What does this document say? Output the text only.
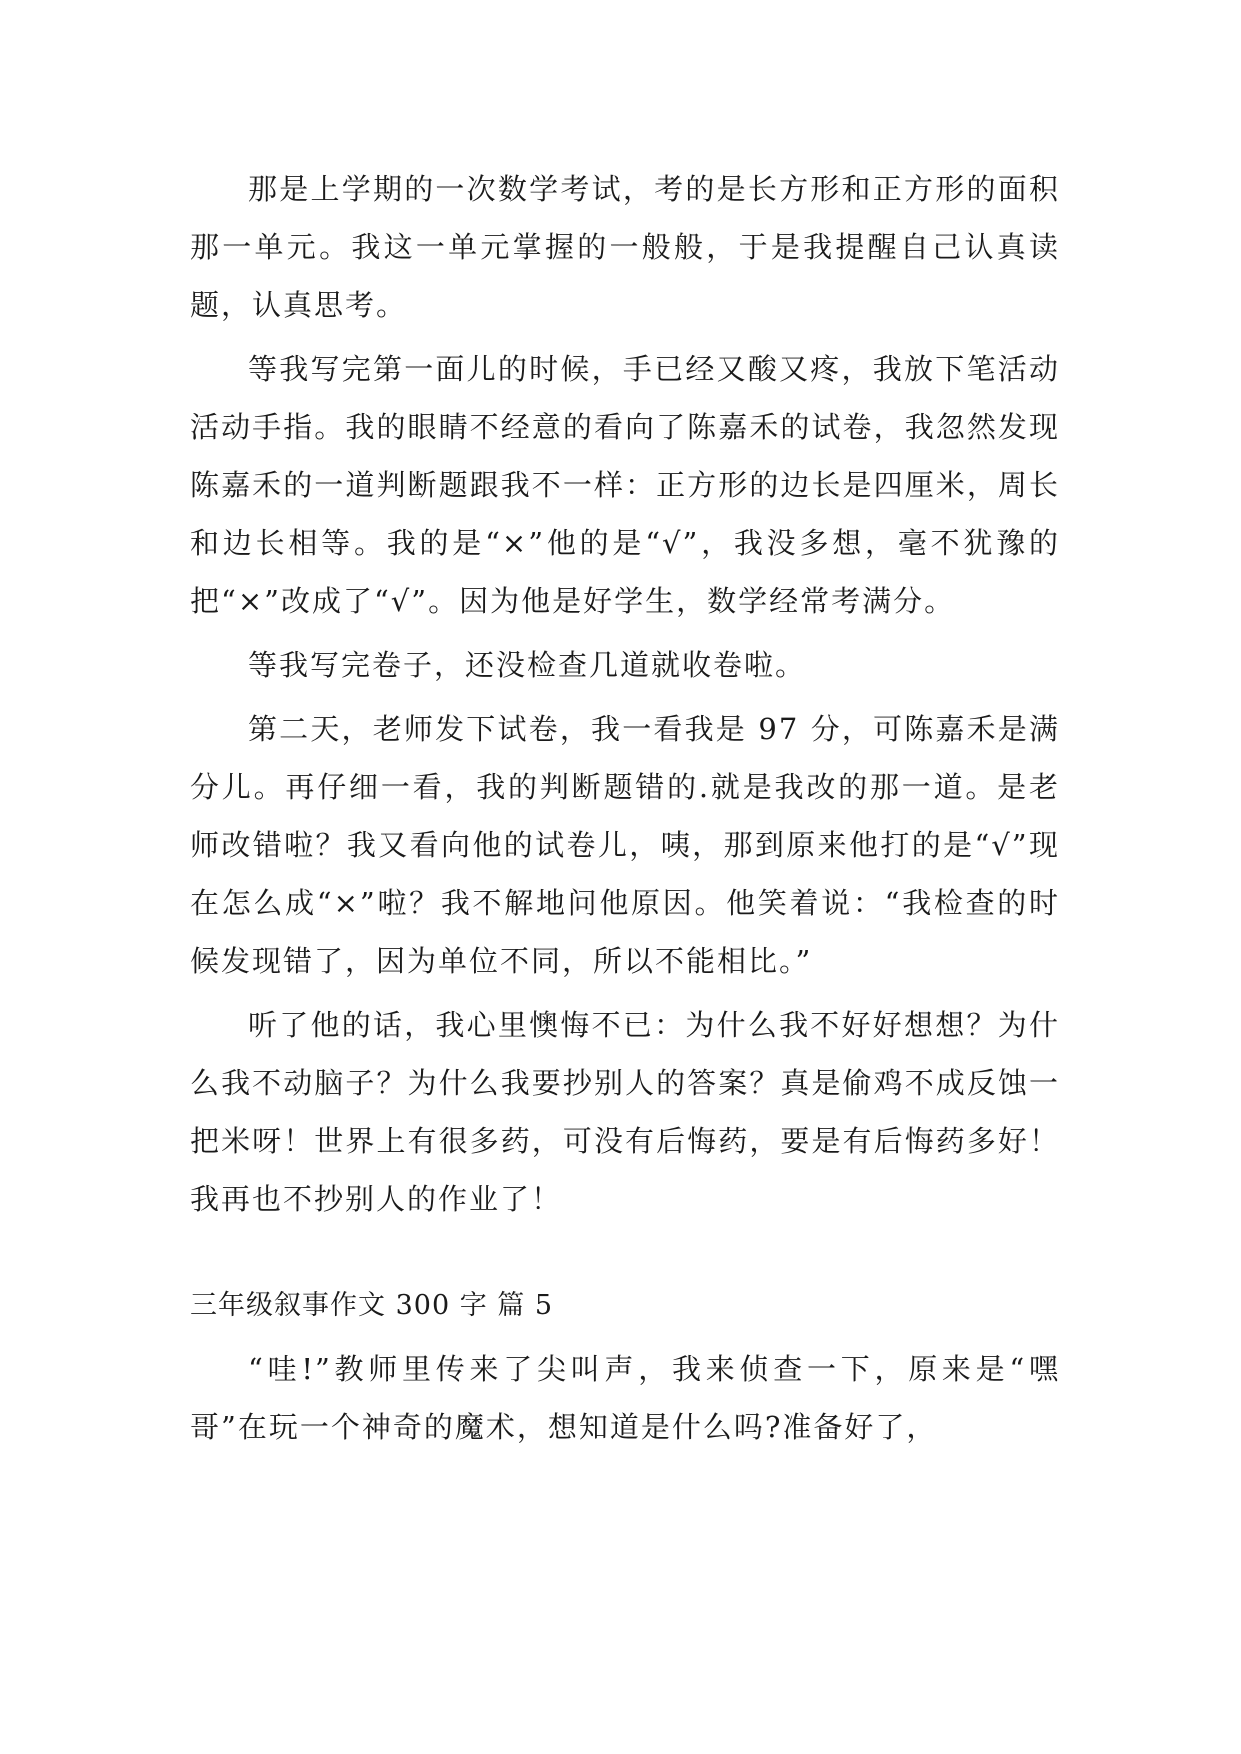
那是上学期的一次数学考试，考的是长方形和正方形的面积那一单元。我这一单元掌握的一般般，于是我提醒自己认真读题，认真思考。

等我写完第一面儿的时候，手已经又酸又疼，我放下笔活动活动手指。我的眼睛不经意的看向了陈嘉禾的试卷，我忽然发现陈嘉禾的一道判断题跟我不一样：正方形的边长是四厘米，周长和边长相等。我的是“×”他的是“√”，我没多想，毫不犹豫的把“×”改成了“√”。因为他是好学生，数学经常考满分。

等我写完卷子，还没检查几道就收卷啦。

第二天，老师发下试卷，我一看我是 97 分，可陈嘉禾是满分儿。再仔细一看，我的判断题错的.就是我改的那一道。是老师改错啦？我又看向他的试卷儿，咦，那到原来他打的是“√”现在怎么成“×”啦？我不解地问他原因。他笑着说：“我检查的时候发现错了，因为单位不同，所以不能相比。”

听了他的话，我心里懊悔不已：为什么我不好好想想？为什么我不动脑子？为什么我要抄别人的答案？真是偷鸡不成反蚀一把米呀！世界上有很多药，可没有后悔药，要是有后悔药多好！我再也不抄别人的作业了！

三年级叙事作文 300 字 篇 5

“哇!”教师里传来了尖叫声，我来侦查一下，原来是“嘿哥”在玩一个神奇的魔术，想知道是什么吗?准备好了，
